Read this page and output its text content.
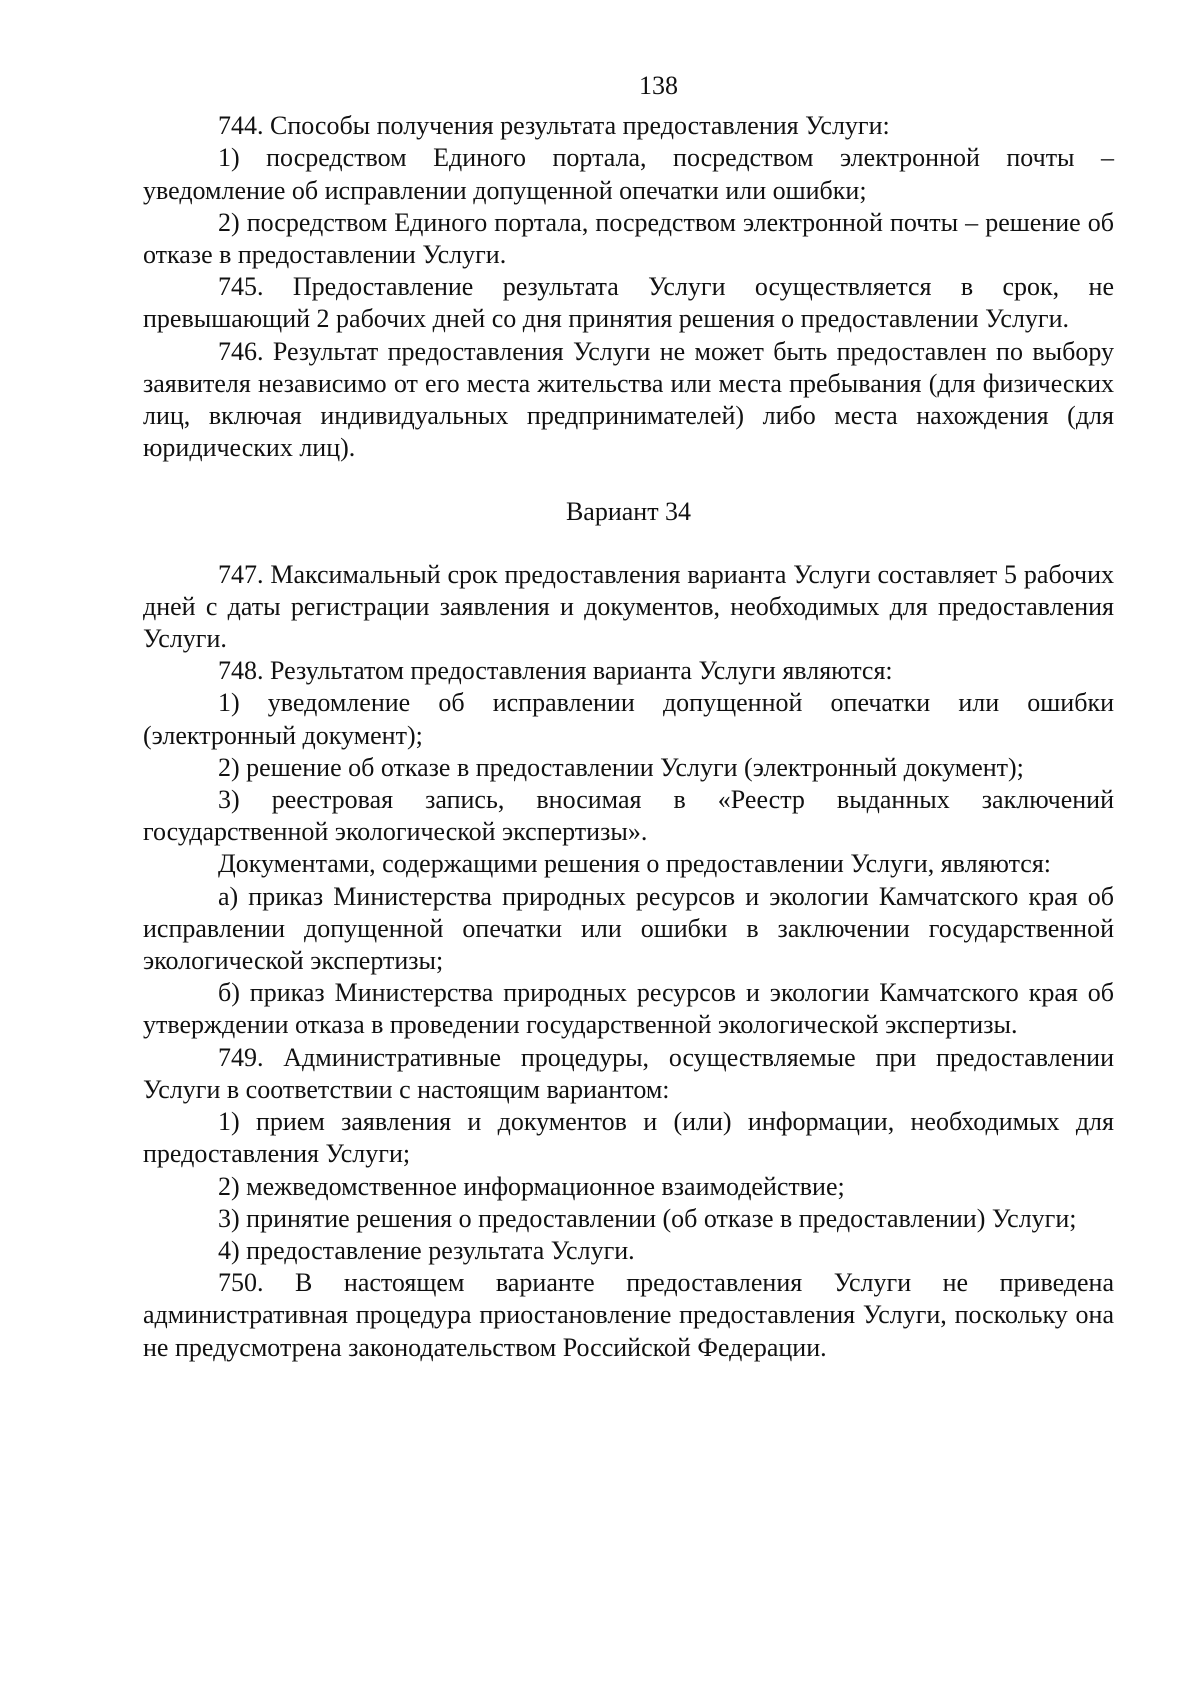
138

744. Способы получения результата предоставления Услуги:

1) посредством Единого портала, посредством электронной почты – уведомление об исправлении допущенной опечатки или ошибки;

2) посредством Единого портала, посредством электронной почты – решение об отказе в предоставлении Услуги.

745. Предоставление результата Услуги осуществляется в срок, не превышающий 2 рабочих дней со дня принятия решения о предоставлении Услуги.

746. Результат предоставления Услуги не может быть предоставлен по выбору заявителя независимо от его места жительства или места пребывания (для физических лиц, включая индивидуальных предпринимателей) либо места нахождения (для юридических лиц).

Вариант 34

747. Максимальный срок предоставления варианта Услуги составляет 5 рабочих дней с даты регистрации заявления и документов, необходимых для предоставления Услуги.

748. Результатом предоставления варианта Услуги являются:

1) уведомление об исправлении допущенной опечатки или ошибки (электронный документ);

2) решение об отказе в предоставлении Услуги (электронный документ);

3) реестровая запись, вносимая в «Реестр выданных заключений государственной экологической экспертизы».

Документами, содержащими решения о предоставлении Услуги, являются:

а) приказ Министерства природных ресурсов и экологии Камчатского края об исправлении допущенной опечатки или ошибки в заключении государственной экологической экспертизы;

б) приказ Министерства природных ресурсов и экологии Камчатского края об утверждении отказа в проведении государственной экологической экспертизы.

749. Административные процедуры, осуществляемые при предоставлении Услуги в соответствии с настоящим вариантом:

1) прием заявления и документов и (или) информации, необходимых для предоставления Услуги;

2) межведомственное информационное взаимодействие;

3) принятие решения о предоставлении (об отказе в предоставлении) Услуги;

4) предоставление результата Услуги.

750. В настоящем варианте предоставления Услуги не приведена административная процедура приостановление предоставления Услуги, поскольку она не предусмотрена законодательством Российской Федерации.
